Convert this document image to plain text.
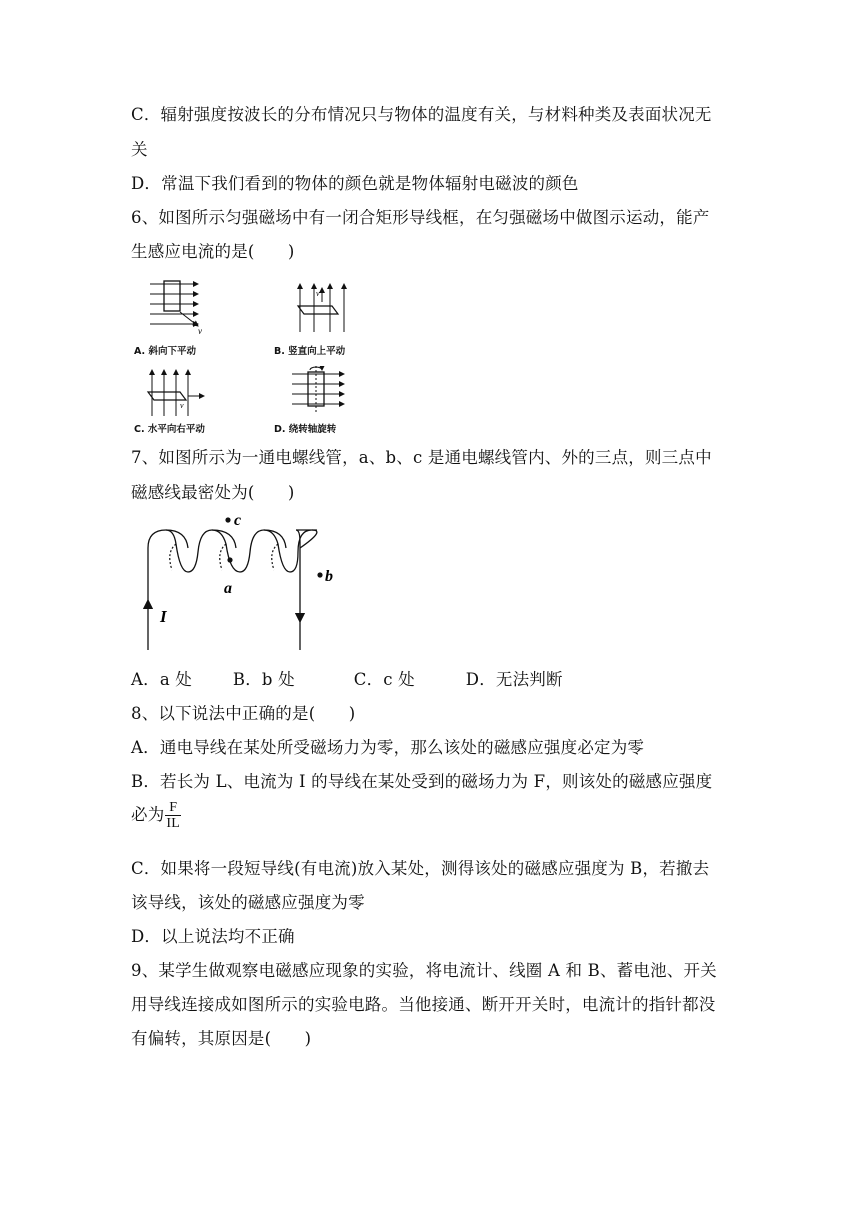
C．辐射强度按波长的分布情况只与物体的温度有关，与材料种类及表面状况无
关
D．常温下我们看到的物体的颜色就是物体辐射电磁波的颜色
6、如图所示匀强磁场中有一闭合矩形导线框，在匀强磁场中做图示运动，能产
生感应电流的是(　　)
v
A. 斜向下平动
v
B. 竖直向上平动
v
C. 水平向右平动	D. 绕转轴旋转
7、如图所示为一通电螺线管，a、b、c 是通电螺线管内、外的三点，则三点中
磁感线最密处为(　　)
c
a
b
I
A．a 处 B．b 处	C．c 处	D．无法判断
8、以下说法中正确的是(　　)
A．通电导线在某处所受磁场力为零，那么该处的磁感应强度必定为零
B．若长为 L、电流为 I 的导线在某处受到的磁场力为 F，则该处的磁感应强度
必为 $\frac{F}{IL}$
C．如果将一段短导线(有电流)放入某处，测得该处的磁感应强度为 B，若撤去
该导线，该处的磁感应强度为零
D．以上说法均不正确
9、某学生做观察电磁感应现象的实验，将电流计、线圈 A 和 B、蓄电池、开关
用导线连接成如图所示的实验电路。当他接通、断开开关时，电流计的指针都没
有偏转，其原因是(　　)
